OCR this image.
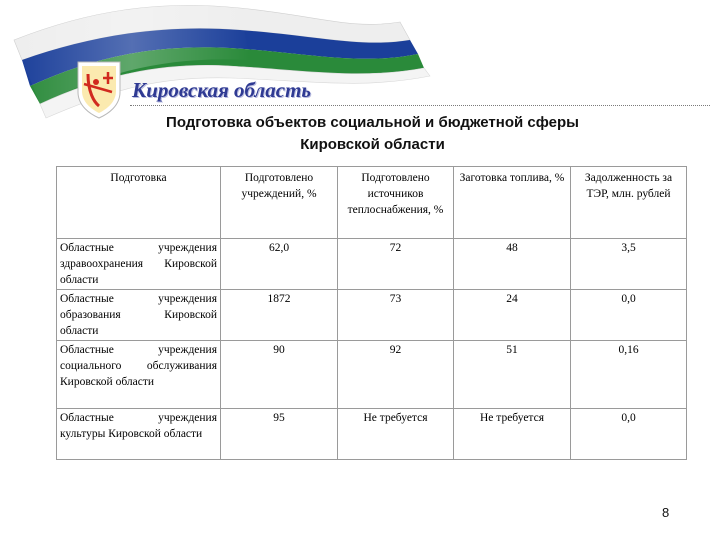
Кировская область
Подготовка объектов социальной и бюджетной сферы
Кировской области
Подготовка	Подготовлено учреждений, %	Подготовлено источников теплоснабжения, %	Заготовка топлива, %	Задолженность за ТЭР, млн. рублей
Областные учреждения здравоохранения Кировской области	62,0	72	48	3,5
Областные учреждения образования Кировской области	1872	73	24	0,0
Областные учреждения социального обслуживания Кировской области	90	92	51	0,16
Областные учреждения культуры Кировской области	95	Не требуется	Не требуется	0,0
8
